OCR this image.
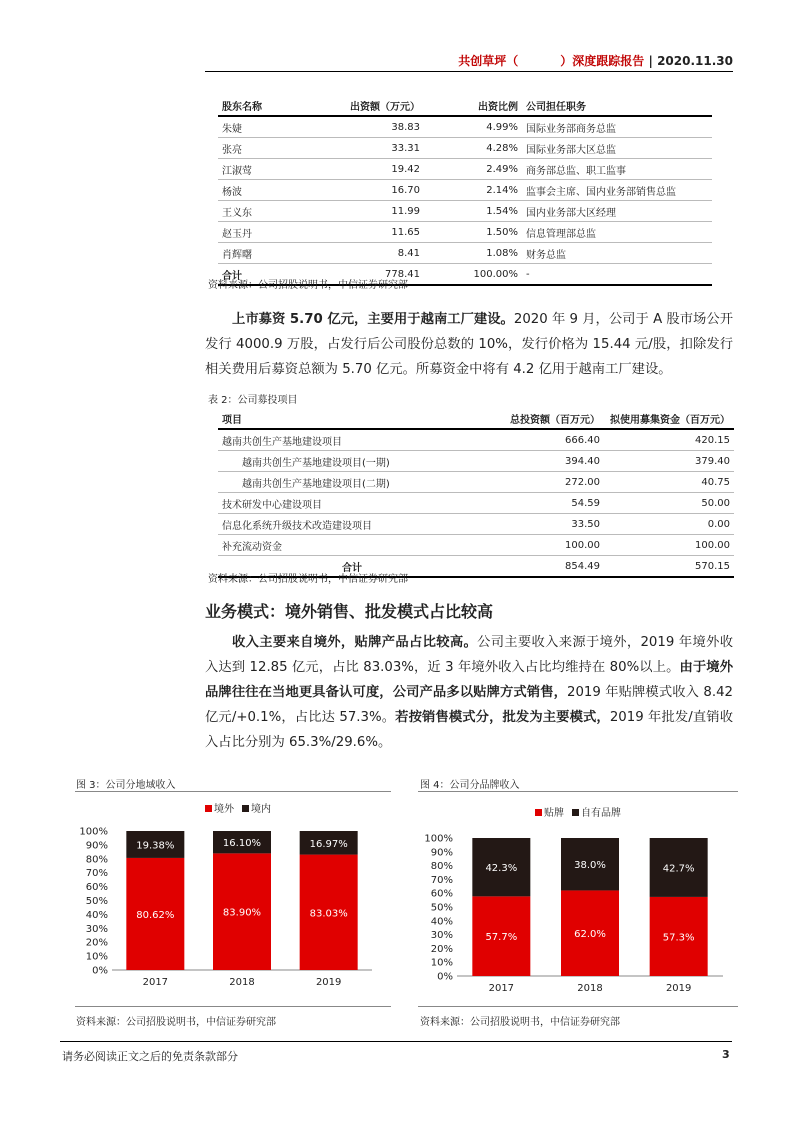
共创草坪（	）深度跟踪报告 | 2020.11.30
股东名称	出资额（万元）	出资比例	公司担任职务
朱婕	38.83	4.99%	国际业务部商务总监
张亮	33.31	4.28%	国际业务部大区总监
江淑莺	19.42	2.49%	商务部总监、职工监事
杨波	16.70	2.14%	监事会主席、国内业务部销售总监
王义东	11.99	1.54%	国内业务部大区经理
赵玉丹	11.65	1.50%	信息管理部总监
肖辉曙	8.41	1.08%	财务总监
合计	778.41	100.00%	-
资料来源：公司招股说明书，中信证券研究部
上市募资 5.70 亿元，主要用于越南工厂建设。2020 年 9 月，公司于 A 股市场公开发行 4000.9 万股，占发行后公司股份总数的 10%，发行价格为 15.44 元/股，扣除发行相关费用后募资总额为 5.70 亿元。所募资金中将有 4.2 亿用于越南工厂建设。
表 2：公司募投项目
项目	总投资额（百万元）	拟使用募集资金（百万元）
越南共创生产基地建设项目	666.40	420.15
越南共创生产基地建设项目(一期)	394.40	379.40
越南共创生产基地建设项目(二期)	272.00	40.75
技术研发中心建设项目	54.59	50.00
信息化系统升级技术改造建设项目	33.50	0.00
补充流动资金	100.00	100.00
合计	854.49	570.15
资料来源：公司招股说明书，中信证券研究部
业务模式：境外销售、批发模式占比较高
收入主要来自境外，贴牌产品占比较高。公司主要收入来源于境外，2019 年境外收入达到 12.85 亿元，占比 83.03%，近 3 年境外收入占比均维持在 80%以上。由于境外品牌往往在当地更具备认可度，公司产品多以贴牌方式销售，2019 年贴牌模式收入 8.42 亿元/+0.1%，占比达 57.3%。若按销售模式分，批发为主要模式，2019 年批发/直销收入占比分别为 65.3%/29.6%。
图 3：公司分地域收入
境外 境内
0%
10%
20%
30%
40%
50%
60%
70%
80%
90%
100%
80.62%
19.38%
2017
83.90%
16.10%
2018
83.03%
16.97%
2019
资料来源：公司招股说明书，中信证券研究部
图 4：公司分品牌收入
贴牌 自有品牌
0%
10%
20%
30%
40%
50%
60%
70%
80%
90%
100%
57.7%
42.3%
2017
62.0%
38.0%
2018
57.3%
42.7%
2019
资料来源：公司招股说明书，中信证券研究部
请务必阅读正文之后的免责条款部分	3
